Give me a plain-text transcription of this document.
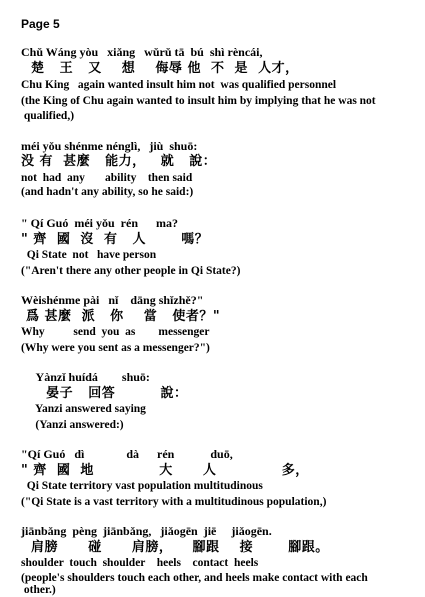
Page 5
Chǔ Wáng yòu   xiǎng   wǔrǔ tā  bú  shì rèncái,
楚   王   又    想    侮辱 他  不  是  人才，
Chu King   again wanted insult him not  was qualified personnel
(the King of Chu again wanted to insult him by implying that he was not
qualified,)
méi yǒu shénme nénglì,   jiù  shuō:
没 有  甚麼   能力，   就   說：
not  had  any       ability    then said
(and hadn't any ability, so he said:)
" Qí Guó  méi yǒu  rén      ma?
" 齊  國  沒  有   人       嗎？
Qi State  not   have person
("Aren't there any other people in Qi State?)
Wèishénme pài   nǐ    dāng shǐzhě?"
爲 甚麼  派   你    當   使者？"
Why          send  you  as        messenger
(Why were you sent as a messenger?")
Yànzǐ huídá        shuō:
晏子   回答         說：
Yanzi answered saying
(Yanzi answered:)
"Qí Guó   dì              dà      rén            duō,
" 齊  國  地             大      人             多，
Qi State territory vast population multitudinous
("Qi State is a vast territory with a multitudinous population,)
jiānbǎng  pèng  jiānbǎng,   jiǎogēn  jiē     jiǎogēn.
肩膀      碰      肩膀，    腳跟    接       腳跟。
shoulder  touch  shoulder    heels    contact  heels
(people's shoulders touch each other, and heels make contact with each
other.)
